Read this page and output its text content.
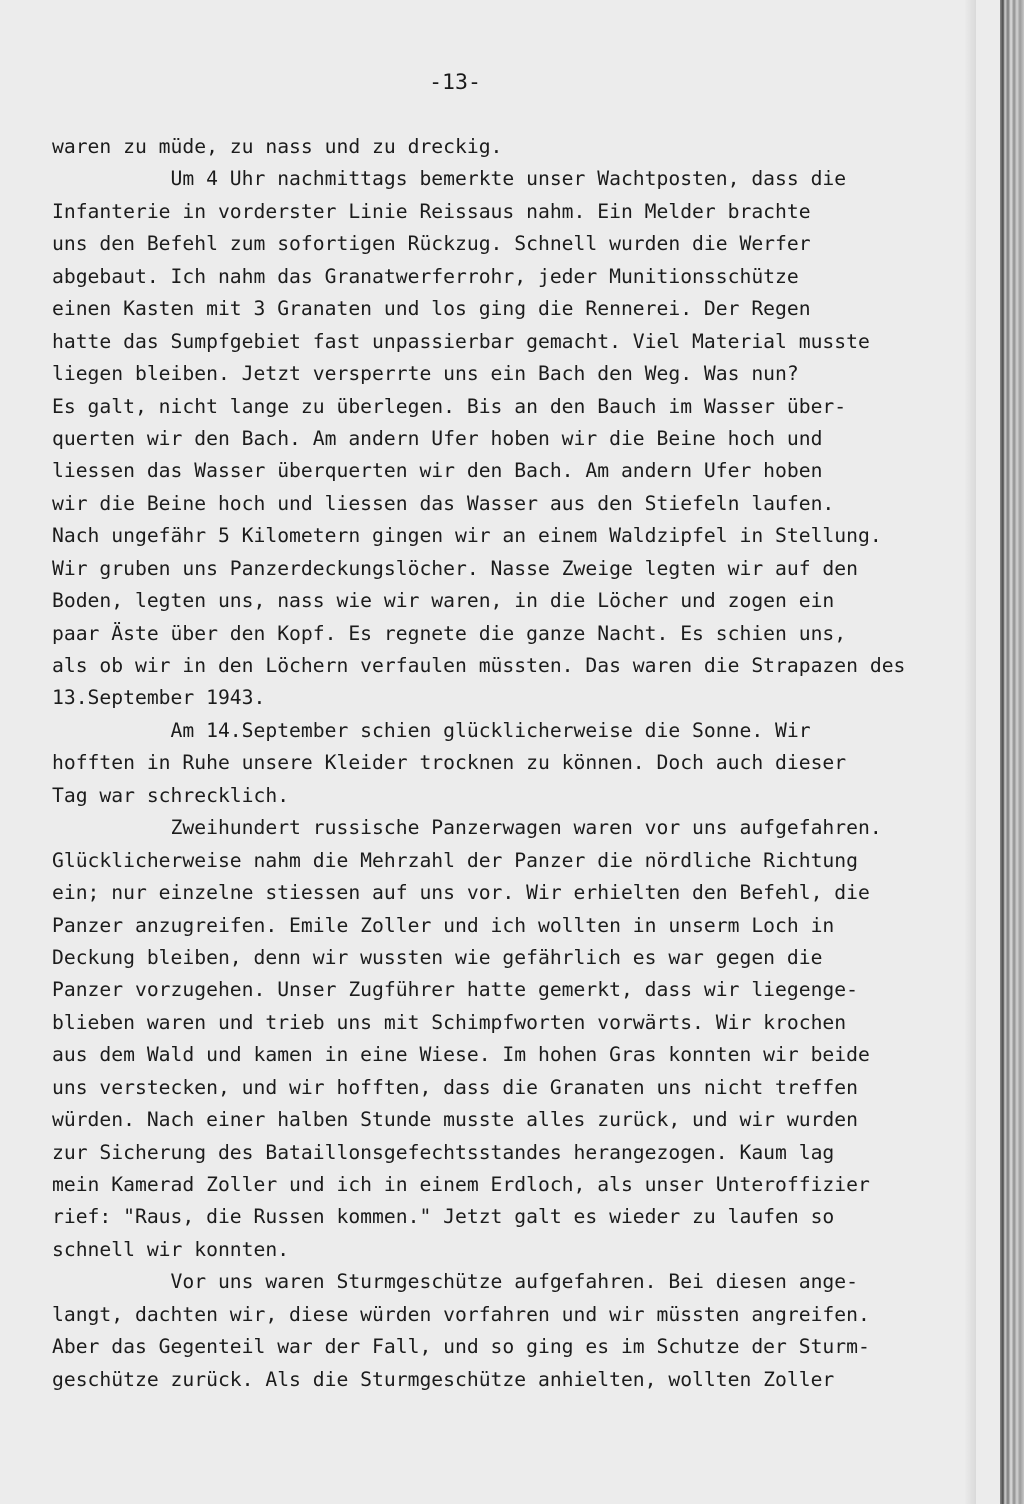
-13-
waren zu müde, zu nass und zu dreckig.
Um 4 Uhr nachmittags bemerkte unser Wachtposten, dass die
Infanterie in vorderster Linie Reissaus nahm. Ein Melder brachte
uns den Befehl zum sofortigen Rückzug. Schnell wurden die Werfer
abgebaut. Ich nahm das Granatwerferrohr, jeder Munitionsschütze
einen Kasten mit 3 Granaten und los ging die Rennerei. Der Regen
hatte das Sumpfgebiet fast unpassierbar gemacht. Viel Material musste
liegen bleiben. Jetzt versperrte uns ein Bach den Weg. Was nun?
Es galt, nicht lange zu überlegen. Bis an den Bauch im Wasser über-
querten wir den Bach. Am andern Ufer hoben wir die Beine hoch und
liessen das Wasser überquerten wir den Bach. Am andern Ufer hoben
wir die Beine hoch und liessen das Wasser aus den Stiefeln laufen.
Nach ungefähr 5 Kilometern gingen wir an einem Waldzipfel in Stellung.
Wir gruben uns Panzerdeckungslöcher. Nasse Zweige legten wir auf den
Boden, legten uns, nass wie wir waren, in die Löcher und zogen ein
paar Äste über den Kopf. Es regnete die ganze Nacht. Es schien uns,
als ob wir in den Löchern verfaulen müssten. Das waren die Strapazen des
13.September 1943.
Am 14.September schien glücklicherweise die Sonne. Wir
hofften in Ruhe unsere Kleider trocknen zu können. Doch auch dieser
Tag war schrecklich.
Zweihundert russische Panzerwagen waren vor uns aufgefahren.
Glücklicherweise nahm die Mehrzahl der Panzer die nördliche Richtung
ein; nur einzelne stiessen auf uns vor. Wir erhielten den Befehl, die
Panzer anzugreifen. Emile Zoller und ich wollten in unserm Loch in
Deckung bleiben, denn wir wussten wie gefährlich es war gegen die
Panzer vorzugehen. Unser Zugführer hatte gemerkt, dass wir liegenge-
blieben waren und trieb uns mit Schimpfworten vorwärts. Wir krochen
aus dem Wald und kamen in eine Wiese. Im hohen Gras konnten wir beide
uns verstecken, und wir hofften, dass die Granaten uns nicht treffen
würden. Nach einer halben Stunde musste alles zurück, und wir wurden
zur Sicherung des Bataillonsgefechtsstandes herangezogen. Kaum lag
mein Kamerad Zoller und ich in einem Erdloch, als unser Unteroffizier
rief: "Raus, die Russen kommen." Jetzt galt es wieder zu laufen so
schnell wir konnten.
Vor uns waren Sturmgeschütze aufgefahren. Bei diesen ange-
langt, dachten wir, diese würden vorfahren und wir müssten angreifen.
Aber das Gegenteil war der Fall, und so ging es im Schutze der Sturm-
geschütze zurück. Als die Sturmgeschütze anhielten, wollten Zoller
